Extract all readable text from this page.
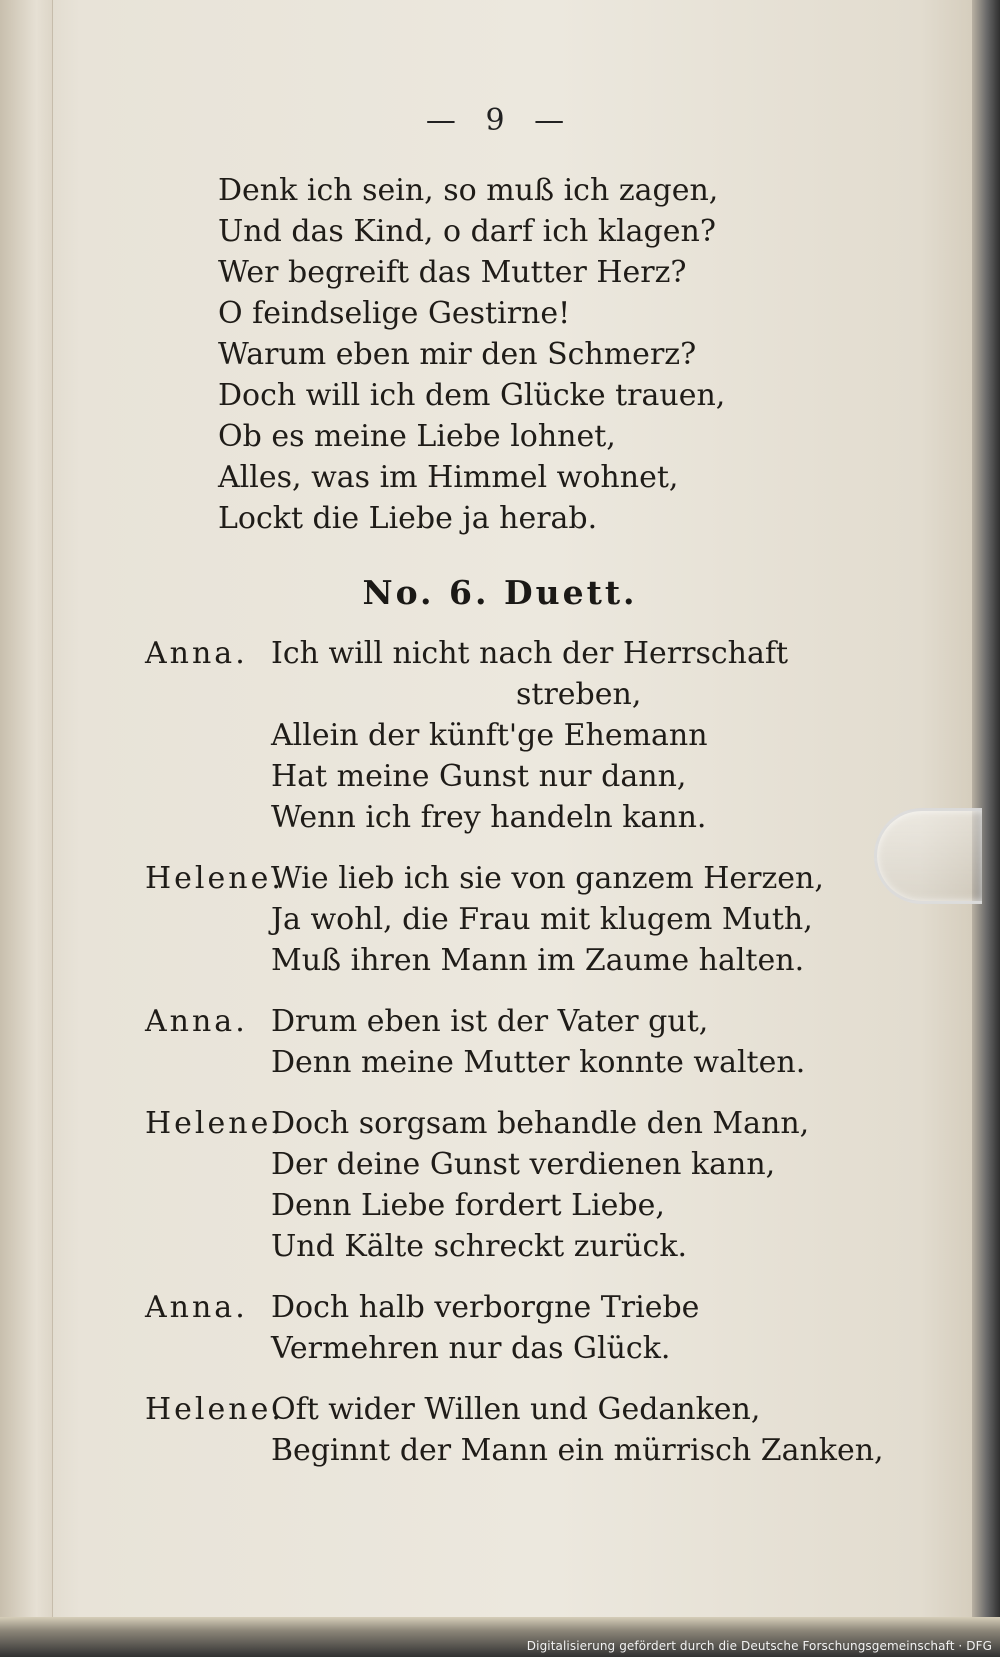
— 9 —
Denk ich sein, so muß ich zagen,
Und das Kind, o darf ich klagen?
Wer begreift das Mutter Herz?
O feindselige Gestirne!
Warum eben mir den Schmerz?
Doch will ich dem Glücke trauen,
Ob es meine Liebe lohnet,
Alles, was im Himmel wohnet,
Lockt die Liebe ja herab.
No. 6. Duett.
Anna. Ich will nicht nach der Herrschaft
streben,
Allein der künft'ge Ehemann
Hat meine Gunst nur dann,
Wenn ich frey handeln kann.
Helene.
Wie lieb ich sie von ganzem Herzen,
Ja wohl, die Frau mit klugem Muth,
Muß ihren Mann im Zaume halten.
Anna. Drum eben ist der Vater gut,
Denn meine Mutter konnte walten.
Helene.
Doch sorgsam behandle den Mann,
Der deine Gunst verdienen kann,
Denn Liebe fordert Liebe,
Und Kälte schreckt zurück.
Anna. Doch halb verborgne Triebe
Vermehren nur das Glück.
Helene.
Oft wider Willen und Gedanken,
Beginnt der Mann ein mürrisch Zanken,
Digitalisierung gefördert durch die Deutsche Forschungsgemeinschaft · DFG
